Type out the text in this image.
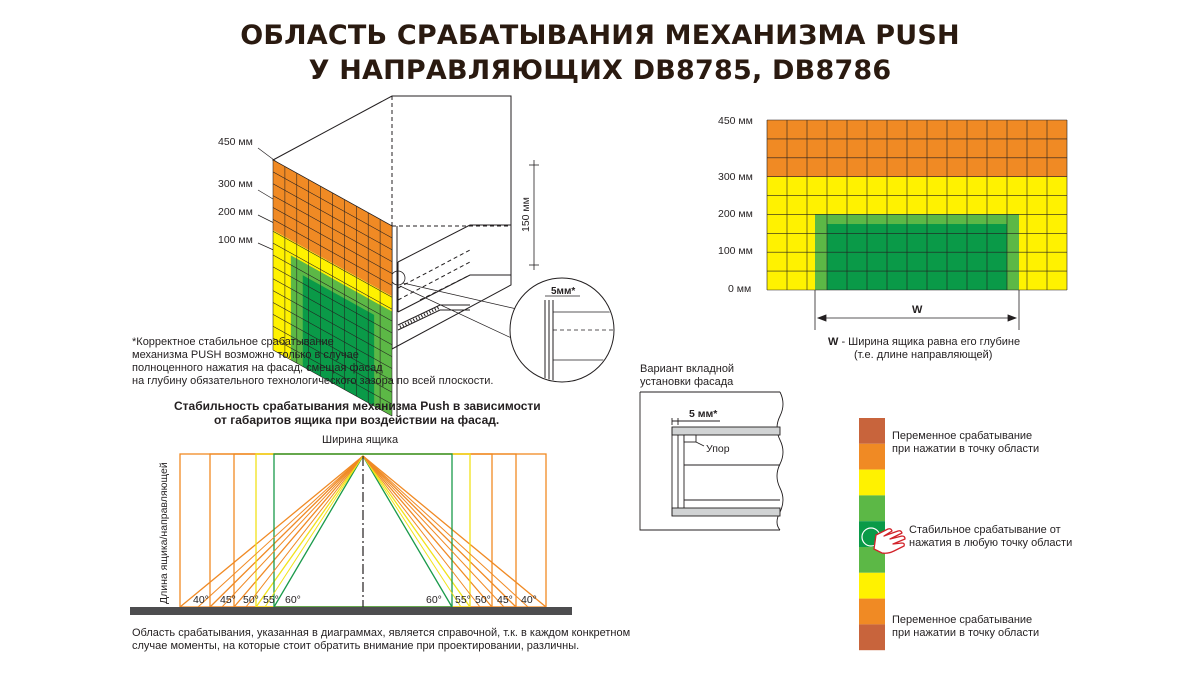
ОБЛАСТЬ СРАБАТЫВАНИЯ МЕХАНИЗМА PUSH
У НАПРАВЛЯЮЩИХ DB8785, DB8786
150 мм
5мм*
450 мм
300 мм
200 мм
100 мм
*Корректное стабильное срабатывание
механизма PUSH возможно только в случае
полноценного нажатия на фасад, смещая фасад
на глубину обязательного технологического зазора по всей плоскости.
W
450 мм
300 мм
200 мм
100 мм
0 мм
W - Ширина ящика равна его глубине
(т.е. длине направляющей)
Стабильность срабатывания механизма Push в зависимости
от габаритов ящика при воздействии на фасад.
Ширина ящика
Длина ящика/направляющей 40° 45° 50° 55° 60°	60° 55° 50° 45° 40°
Область срабатывания, указанная в диаграммах, является справочной, т.к. в каждом конкретном
случае моменты, на которые стоит обратить внимание при проектировании, различны.
Вариант вкладной
установки фасада
5 мм*
Упор
Переменное срабатывание
при нажатии в точку области
Стабильное срабатывание от
нажатия в любую точку области
Переменное срабатывание
при нажатии в точку области
